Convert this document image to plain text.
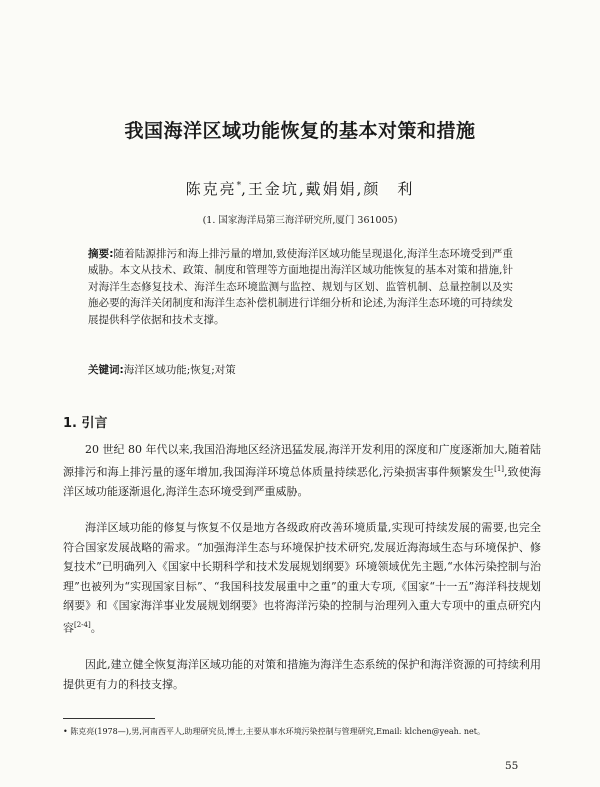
我国海洋区域功能恢复的基本对策和措施
陈克亮*,王金坑,戴娟娟,颜　利
(1. 国家海洋局第三海洋研究所,厦门 361005)

摘要:随着陆源排污和海上排污量的增加,致使海洋区域功能呈现退化,海洋生态环境受到严重威胁。本文从技术、政策、制度和管理等方面地提出海洋区域功能恢复的基本对策和措施,针对海洋生态修复技术、海洋生态环境监测与监控、规划与区划、监管机制、总量控制以及实施必要的海洋关闭制度和海洋生态补偿机制进行详细分析和论述,为海洋生态环境的可持续发展提供科学依据和技术支撑。

关键词:海洋区域功能;恢复;对策

1. 引言

20 世纪 80 年代以来,我国沿海地区经济迅猛发展,海洋开发利用的深度和广度逐渐加大,随着陆源排污和海上排污量的逐年增加,我国海洋环境总体质量持续恶化,污染损害事件频繁发生[1],致使海洋区域功能逐渐退化,海洋生态环境受到严重威胁。

海洋区域功能的修复与恢复不仅是地方各级政府改善环境质量,实现可持续发展的需要,也完全符合国家发展战略的需求。“加强海洋生态与环境保护技术研究,发展近海海域生态与环境保护、修复技术”已明确列入《国家中长期科学和技术发展规划纲要》环境领域优先主题,“水体污染控制与治理”也被列为“实现国家目标”、“我国科技发展重中之重”的重大专项,《国家“十一五”海洋科技规划纲要》和《国家海洋事业发展规划纲要》也将海洋污染的控制与治理列入重大专项中的重点研究内容[2-4]。

因此,建立健全恢复海洋区域功能的对策和措施为海洋生态系统的保护和海洋资源的可持续利用提供更有力的科技支撑。

• 陈克亮(1978—),男,河南西平人,助理研究员,博士,主要从事水环境污染控制与管理研究,Email: klchen@yeah. net。

55
